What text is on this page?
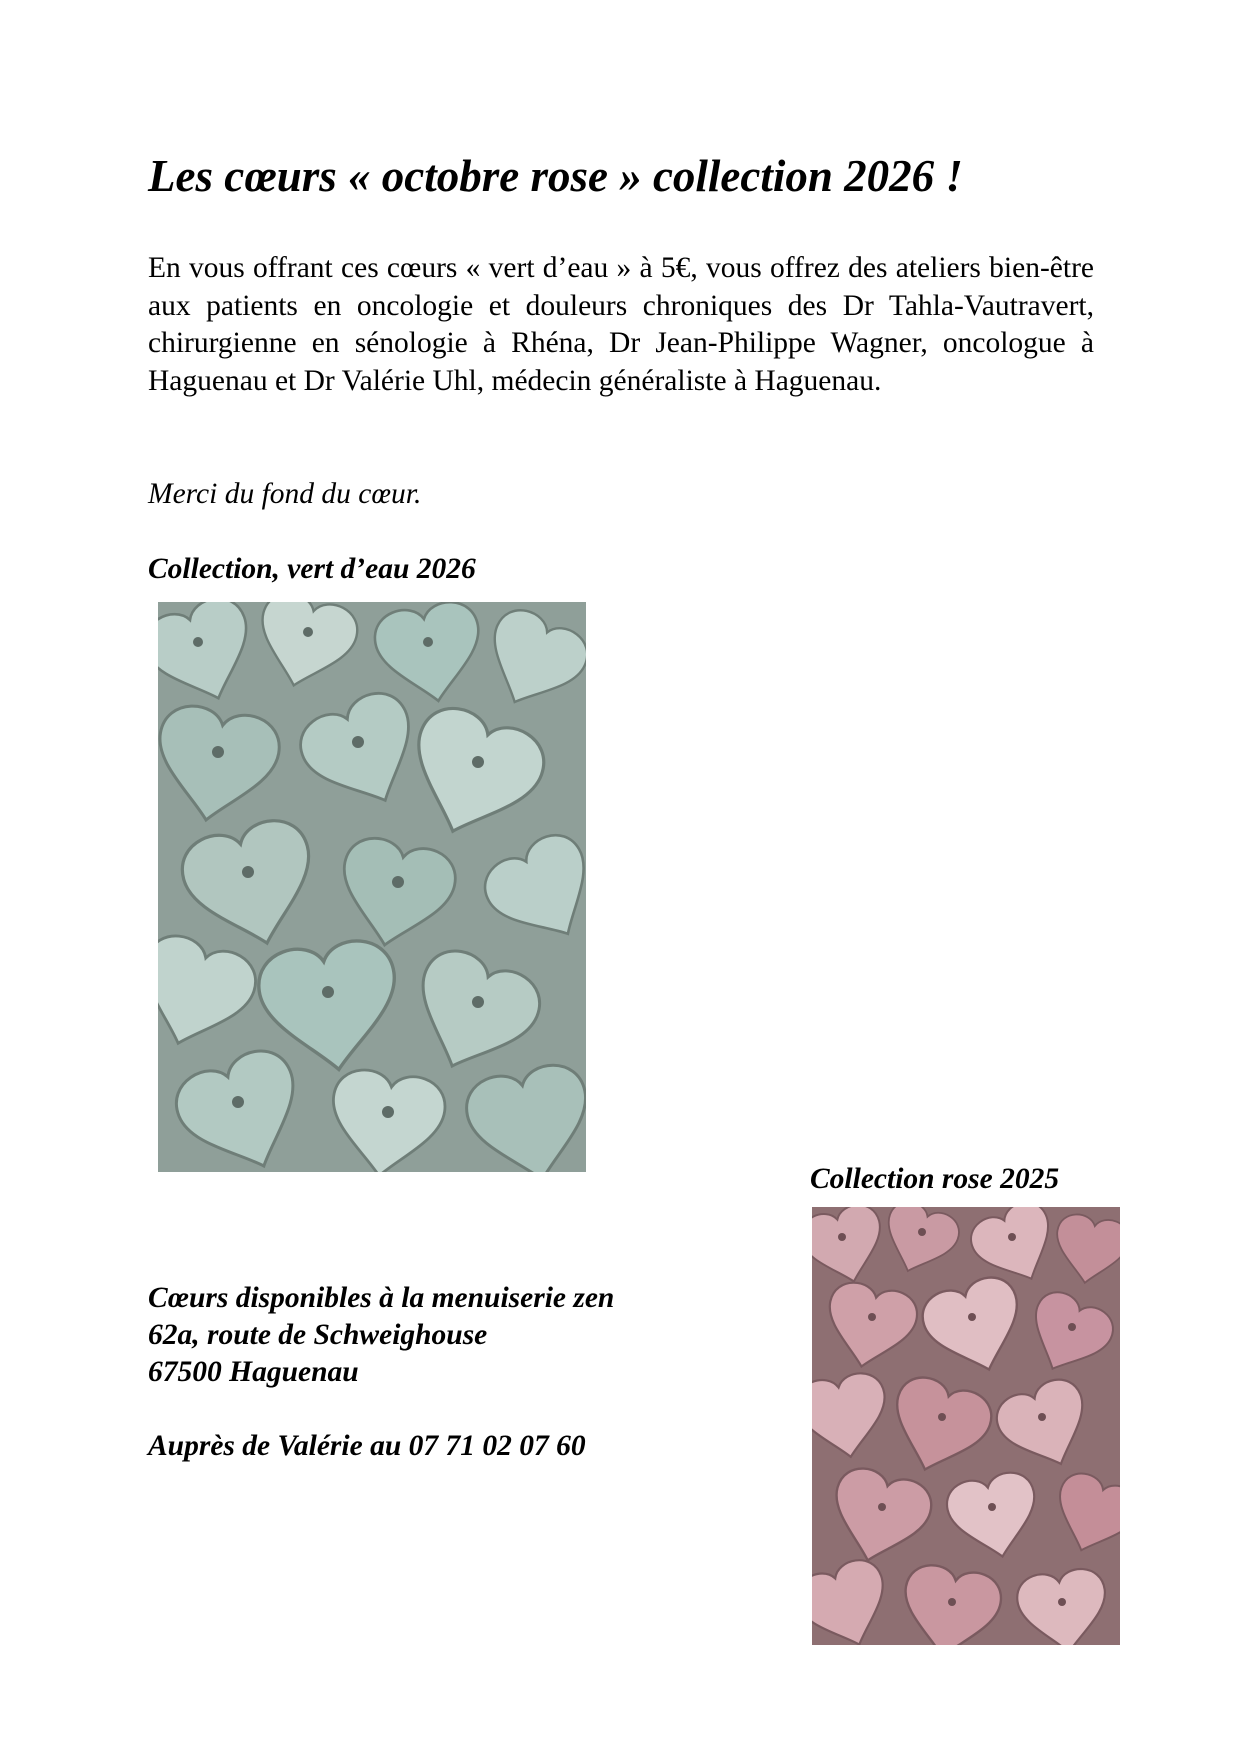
Les cœurs « octobre rose » collection 2026 !

En vous offrant ces cœurs « vert d’eau » à 5€, vous offrez des ateliers bien-être aux patients en oncologie et douleurs chroniques des Dr Tahla-Vautravert, chirurgienne en sénologie à Rhéna, Dr Jean-Philippe Wagner, oncologue à Haguenau et Dr Valérie Uhl, médecin généraliste à Haguenau.

Merci du fond du cœur.

Collection, vert d’eau 2026

Collection rose 2025

Cœurs disponibles à la menuiserie zen
62a, route de Schweighouse
67500 Haguenau

Auprès de Valérie au 07 71 02 07 60
